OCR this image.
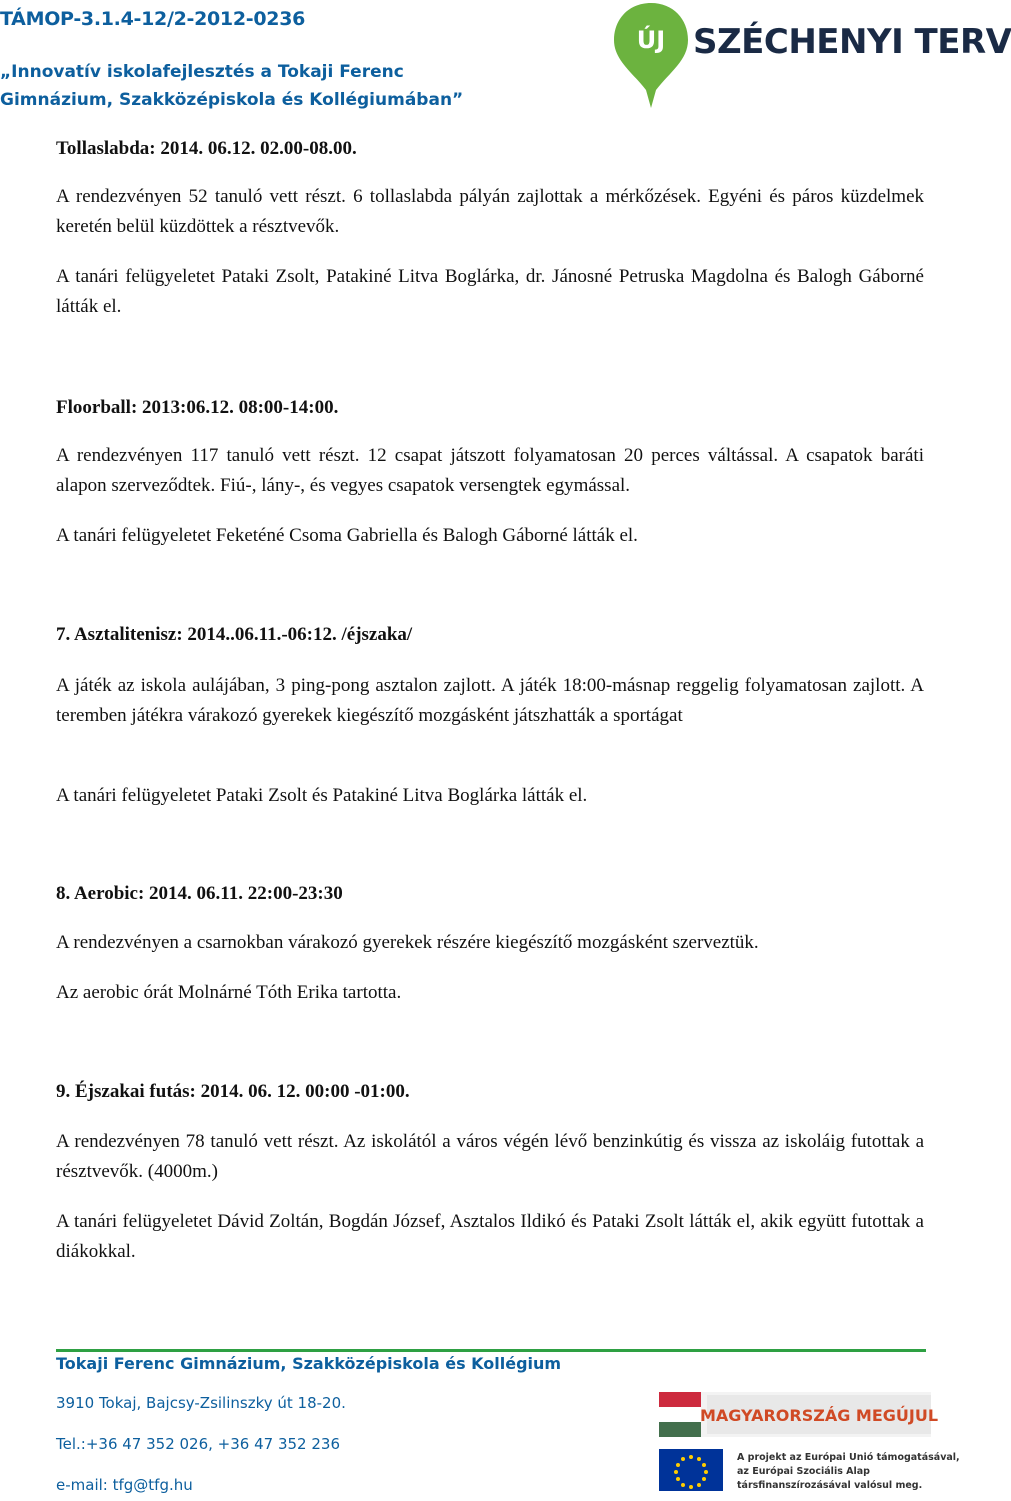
TÁMOP-3.1.4-12/2-2012-0236
„Innovatív iskolafejlesztés a Tokaji Ferenc
Gimnázium, Szakközépiskola és Kollégiumában”
ÚJ SZÉCHENYI TERV
Tollaslabda: 2014. 06.12. 02.00-08.00.
A rendezvényen 52 tanuló vett részt. 6 tollaslabda pályán zajlottak a mérkőzések. Egyéni és páros küzdelmek keretén belül küzdöttek a résztvevők.
A tanári felügyeletet Pataki Zsolt, Patakiné Litva Boglárka, dr. Jánosné Petruska Magdolna és Balogh Gáborné látták el.
Floorball: 2013:06.12. 08:00-14:00.
A rendezvényen 117 tanuló vett részt. 12 csapat játszott folyamatosan 20 perces váltással. A csapatok baráti alapon szerveződtek. Fiú-, lány-, és vegyes csapatok versengtek egymással.
A tanári felügyeletet Feketéné Csoma Gabriella és Balogh Gáborné látták el.
7. Asztalitenisz: 2014..06.11.-06:12. /éjszaka/
A játék az iskola aulájában, 3 ping-pong asztalon zajlott. A játék 18:00-másnap reggelig folyamatosan zajlott. A teremben játékra várakozó gyerekek kiegészítő mozgásként játszhatták a sportágat
A tanári felügyeletet Pataki Zsolt és Patakiné Litva Boglárka látták el.
8. Aerobic: 2014. 06.11. 22:00-23:30
A rendezvényen a csarnokban várakozó gyerekek részére kiegészítő mozgásként szerveztük.
Az aerobic órát Molnárné Tóth Erika tartotta.
9. Éjszakai futás: 2014. 06. 12. 00:00 -01:00.
A rendezvényen 78 tanuló vett részt. Az iskolától a város végén lévő benzinkútig és vissza az iskoláig futottak a résztvevők. (4000m.)
A tanári felügyeletet Dávid Zoltán, Bogdán József, Asztalos Ildikó és Pataki Zsolt látták el, akik együtt futottak a diákokkal.
Tokaji Ferenc Gimnázium, Szakközépiskola és Kollégium
3910 Tokaj, Bajcsy-Zsilinszky út 18-20.
Tel.:+36 47 352 026, +36 47 352 236
e-mail: tfg@tfg.hu
MAGYARORSZÁG MEGÚJUL
A projekt az Európai Unió támogatásával,
az Európai Szociális Alap
társfinanszírozásával valósul meg.
